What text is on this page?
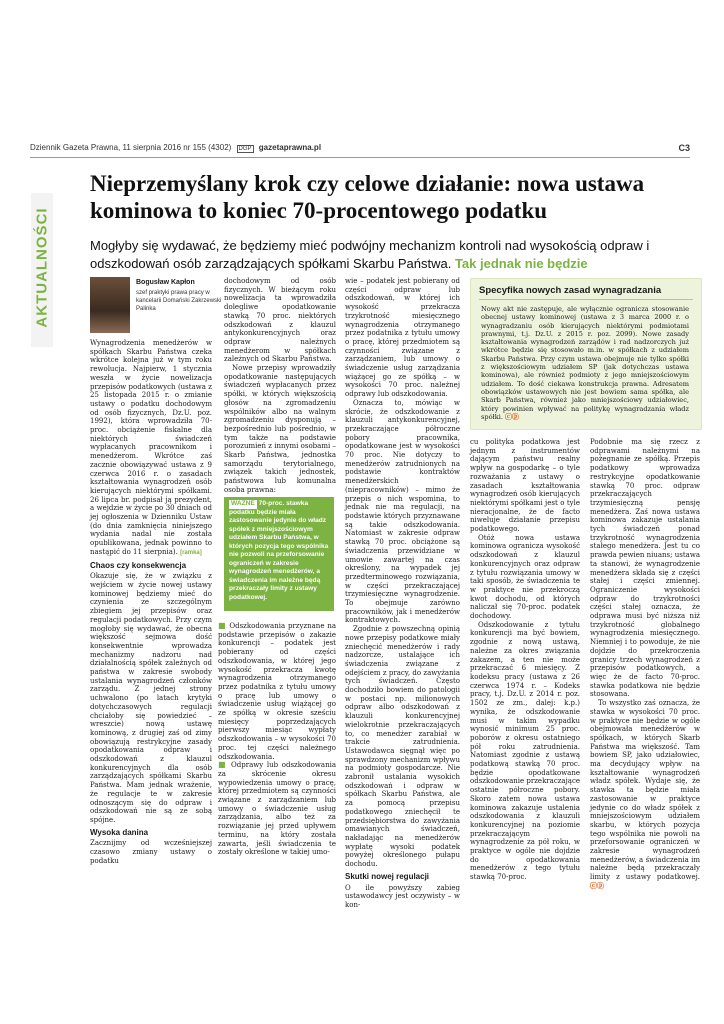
Dziennik Gazeta Prawna, 11 sierpnia 2016 nr 155 (4302) DGP gazetaprawna.pl	C3
AKTUALNOŚCI
Nieprzemyślany krok czy celowe działanie: nowa ustawa kominowa to koniec 70-procentowego podatku
Mogłyby się wydawać, że będziemy mieć podwójny mechanizm kontroli nad wysokością odpraw i odszkodowań osób zarządzających spółkami Skarbu Państwa. Tak jednak nie będzie
Bogusław Kapłon
szef praktyki prawa pracy w kancelarii Domański Zakrzewski Palinka

Wynagrodzenia menedżerów w spółkach Skarbu Państwa czeka wkrótce kolejna już w tym roku rewolucja. Najpierw, 1 stycznia weszła w życie nowelizacja przepisów podatkowych (ustawa z 25 listopada 2015 r. o zmianie ustawy o podatku dochodowym od osób fizycznych, Dz.U. poz. 1992), która wprowadziła 70-proc. obciążenie fiskalne dla niektórych świadczeń wypłacanych pracownikom i menedżerom. Wkrótce zaś zacznie obowiązywać ustawa z 9 czerwca 2016 r. o zasadach kształtowania wynagrodzeń osób kierujących niektórymi spółkami. 26 lipca br. podpisał ją prezydent, a wejdzie w życie po 30 dniach od jej ogłoszenia w Dzienniku Ustaw (do dnia zamknięcia niniejszego wydania nadal nie została opublikowana, jednak powinno to nastąpić do 11 sierpnia). [ramka]

Chaos czy konsekwencja

Okazuje się, że w związku z wejściem w życie nowej ustawy kominowej będziemy mieć do czynienia ze szczególnym zbiegiem jej przepisów oraz regulacji podatkowych. Przy czym mogłoby się wydawać, że obecna większość sejmowa dość konsekwentnie wprowadza mechanizmy nadzoru nad działalnością spółek zależnych od państwa w zakresie swobody ustalania wynagrodzeń członków zarządu. Z jednej strony uchwalono (po latach krytyki dotychczasowych regulacji chciałoby się powiedzieć – wreszcie) nową ustawę kominową, z drugiej zaś od zimy obowiązują restrykcyjne zasady opodatkowania odpraw i odszkodowań z klauzul konkurencyjnych dla osób zarządzających spółkami Skarbu Państwa. Mam jednak wrażenie, że regulacje te w zakresie odnoszącym się do odpraw i odszkodowań nie są ze sobą spójne.

Wysoka danina

Zacznijmy od wcześniejszej czasowo zmiany ustawy o podatku

dochodowym od osób fizycznych. W bieżącym roku nowelizacja ta wprowadziła dolegliwe opodatkowanie stawką 70 proc. niektórych odszkodowań z klauzul antykonkurencyjnych oraz odpraw należnych menedżerom w spółkach zależnych od Skarbu Państwa.

Nowe przepisy wprowadziły opodatkowanie następujących świadczeń wypłacanych przez spółki, w których większością głosów na zgromadzeniu wspólników albo na walnym zgromadzeniu dysponują – bezpośrednio lub pośrednio, w tym także na podstawie porozumień z innymi osobami – Skarb Państwa, jednostka samorządu terytorialnego, związek takich jednostek, państwowa lub komunalna osoba prawna:

WAŻNE 70-proc. stawka podatku będzie miała zastosowanie jedynie do władz spółek z mniejszościowym udziałem Skarbu Państwa, w których pozycja tego wspólnika nie pozwoli na przeforsowanie ograniczeń w zakresie wynagrodzeń menedżerów, a świadczenia im należne będą przekraczały limity z ustawy podatkowej.

■ Odszkodowania przyznane na podstawie przepisów o zakazie konkurencji – podatek jest pobierany od części odszkodowania, w której jego wysokość przekracza kwotę wynagrodzenia otrzymanego przez podatnika z tytułu umowy o pracę lub umowy o świadczenie usług wiążącej go ze spółką w okresie sześciu miesięcy poprzedzających pierwszy miesiąc wypłaty odszkodowania – w wysokości 70 proc. tej części należnego odszkodowania.

■ Odprawy lub odszkodowania za skrócenie okresu wypowiedzenia umowy o pracę, której przedmiotem są czynności związane z zarządzaniem lub umowy o świadczenie usług zarządzania, albo też za rozwiązanie jej przed upływem terminu, na który została zawarta, jeśli świadczenia te zostały określone w takiej umo-

wie – podatek jest pobierany od części odpraw lub odszkodowań, w której ich wysokość przekracza trzykrotność miesięcznego wynagrodzenia otrzymanego przez podatnika z tytułu umowy o pracę, której przedmiotem są czynności związane z zarządzaniem, lub umowy o świadczenie usług zarządzania wiążącej go ze spółką – w wysokości 70 proc. należnej odprawy lub odszkodowania.

Oznacza to, mówiąc w skrócie, że odszkodowanie z klauzuli antykonkurencyjnej, przekraczające półroczne pobory pracownika, opodatkowane jest w wysokości 70 proc. Nie dotyczy to menedżerów zatrudnionych na podstawie kontraktów menedżerskich (niepracowników) – mimo że przepis o nich wspomina, to jednak nie ma regulacji, na podstawie których przyznawane są takie odszkodowania. Natomiast w zakresie odpraw stawką 70 proc. obciążone są świadczenia przewidziane w umowie zawartej na czas określony, na wypadek jej przedterminowego rozwiązania, w części przekraczającej trzymiesięczne wynagrodzenie. To obejmuje zarówno pracowników, jak i menedżerów kontraktowych.

Zgodnie z powszechną opinią nowe przepisy podatkowe miały zniechęcić menedżerów i rady nadzorcze, ustalające ich świadczenia związane z odejściem z pracy, do zawyżania tych świadczeń. Często dochodziło bowiem do patologii w postaci np. milionowych odpraw albo odszkodowań z klauzuli konkurencyjnej wielokrotnie przekraczających to, co menedżer zarabiał w trakcie zatrudnienia. Ustawodawca sięgnął więc po sprawdzony mechanizm wpływu na podmioty gospodarcze. Nie zabronił ustalania wysokich odszkodowań i odpraw w spółkach Skarbu Państwa, ale za pomocą przepisu podatkowego zniechęcił te przedsiębiorstwa do zawyżania omawianych świadczeń, nakładając na menedżerów wypłatę wysoki podatek powyżej określonego pułapu dochodu.

Skutki nowej regulacji

O ile powyższy zabieg ustawodawcy jest oczywisty – w kon-

Specyfika nowych zasad wynagradzania

Nowy akt nie zastępuje, ale wyłącznie ogranicza stosowanie obecnej ustawy kominowej (ustawa z 3 marca 2000 r. o wynagradzaniu osób kierujących niektórymi podmiotami prawnymi, t.j. Dz.U. z 2015 r. poz. 2099). Nowe zasady kształtowania wynagrodzeń zarządów i rad nadzorczych już wkrótce będzie się stosowało m.in. w spółkach z udziałem Skarbu Państwa. Przy czym ustawa obejmuje nie tylko spółki z większościowym udziałem SP (jak dotychczas ustawa kominowa), ale również podmioty z jego mniejszościowym udziałem. To dość ciekawa konstrukcja prawna. Adresatem obowiązków ustawowych nie jest bowiem sama spółka, ale Skarb Państwa, również jako mniejszościowy udziałowiec, który powinien wpływać na politykę wynagradzania władz spółki. ⓒⓟ

cu polityka podatkowa jest jednym z instrumentów dającym państwu realny wpływ na gospodarkę – o tyle rozważania z ustawy o zasadach kształtowania wynagrodzeń osób kierujących niektórymi spółkami jest o tyle nieracjonalne, że de facto niweluje działanie przepisu podatkowego.

Otóż nowa ustawa kominowa ogranicza wysokość odszkodowań z klauzul konkurencyjnych oraz odpraw z tytułu rozwiązania umowy w taki sposób, że świadczenia te w praktyce nie przekroczą kwot dochodu, od których naliczał się 70-proc. podatek dochodowy.

Odszkodowanie z tytułu konkurencji ma być bowiem, zgodnie z nową ustawą, należne za okres związania zakazem, a ten nie może przekraczać 6 miesięcy. Z kodeksu pracy (ustawa z 26 czerwca 1974 r. – Kodeks pracy, t.j. Dz.U. z 2014 r. poz. 1502 ze zm., dalej: k.p.) wynika, że odszkodowanie musi w takim wypadku wynosić minimum 25 proc. poborów z okresu ostatniego pół roku zatrudnienia. Natomiast zgodnie z ustawą podatkową stawką 70 proc. będzie opodatkowane odszkodowanie przekraczające ostatnie półroczne pobory. Skoro zatem nowa ustawa kominowa zakazuje ustalenia odszkodowania z klauzuli konkurencyjnej na poziomie przekraczającym wynagrodzenie za pół roku, w praktyce w ogóle nie dojdzie do opodatkowania menedżerów z tego tytułu stawką 70-proc.

Podobnie ma się rzecz z odprawami należnymi na pożegnanie ze spółką. Przepis podatkowy wprowadza restrykcyjne opodatkowanie stawką 70 proc. odpraw przekraczających trzymiesięczną pensję menedżera. Zaś nowa ustawa kominowa zakazuje ustalania tych świadczeń ponad trzykrotność wynagrodzenia stałego menedżera. Jest tu co prawda pewien niuans; ustawa ta stanowi, że wynagrodzenie menedżera składa się z części stałej i części zmiennej. Ograniczenie wysokości odpraw do trzykrotności części stałej oznacza, że odprawa musi być niższa niż trzykrotność globalnego wynagrodzenia miesięcznego. Niemniej i to powoduje, że nie dojdzie do przekroczenia granicy trzech wynagrodzeń z przepisów podatkowych, a więc że de facto 70-proc. stawka podatkowa nie będzie stosowana.

To wszystko zaś oznacza, że stawka w wysokości 70 proc. w praktyce nie będzie w ogóle obejmowała menedżerów w spółkach, w których Skarb Państwa ma większość. Tam bowiem SP, jako udziałowiec, ma decydujący wpływ na kształtowanie wynagrodzeń władz spółek. Wydaje się, że stawka ta będzie miała zastosowanie w praktyce jedynie co do władz spółek z mniejszościowym udziałem skarbu, w których pozycja tego wspólnika nie powoli na przeforsowanie ograniczeń w zakresie wynagrodzeń menedżerów, a świadczenia im należne będą przekraczały limity z ustawy podatkowej. ⓒⓟ
